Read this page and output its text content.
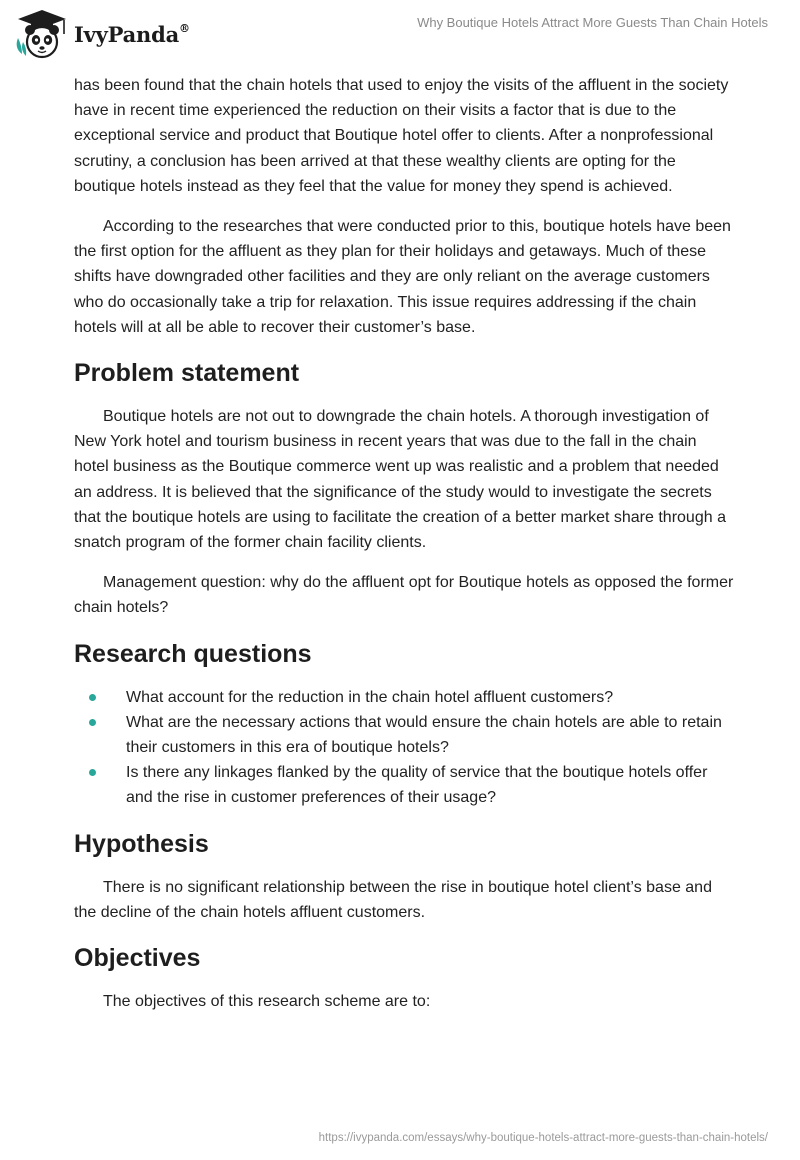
IvyPanda®	Why Boutique Hotels Attract More Guests Than Chain Hotels

has been found that the chain hotels that used to enjoy the visits of the affluent in the society have in recent time experienced the reduction on their visits a factor that is due to the exceptional service and product that Boutique hotel offer to clients. After a nonprofessional scrutiny, a conclusion has been arrived at that these wealthy clients are opting for the boutique hotels instead as they feel that the value for money they spend is achieved.

According to the researches that were conducted prior to this, boutique hotels have been the first option for the affluent as they plan for their holidays and getaways. Much of these shifts have downgraded other facilities and they are only reliant on the average customers who do occasionally take a trip for relaxation. This issue requires addressing if the chain hotels will at all be able to recover their customer’s base.

Problem statement

Boutique hotels are not out to downgrade the chain hotels. A thorough investigation of New York hotel and tourism business in recent years that was due to the fall in the chain hotel business as the Boutique commerce went up was realistic and a problem that needed an address. It is believed that the significance of the study would to investigate the secrets that the boutique hotels are using to facilitate the creation of a better market share through a snatch program of the former chain facility clients.

Management question: why do the affluent opt for Boutique hotels as opposed the former chain hotels?

Research questions
What account for the reduction in the chain hotel affluent customers?
What are the necessary actions that would ensure the chain hotels are able to retain their customers in this era of boutique hotels?
Is there any linkages flanked by the quality of service that the boutique hotels offer and the rise in customer preferences of their usage?
Hypothesis

There is no significant relationship between the rise in boutique hotel client’s base and the decline of the chain hotels affluent customers.

Objectives

The objectives of this research scheme are to:

https://ivypanda.com/essays/why-boutique-hotels-attract-more-guests-than-chain-hotels/
